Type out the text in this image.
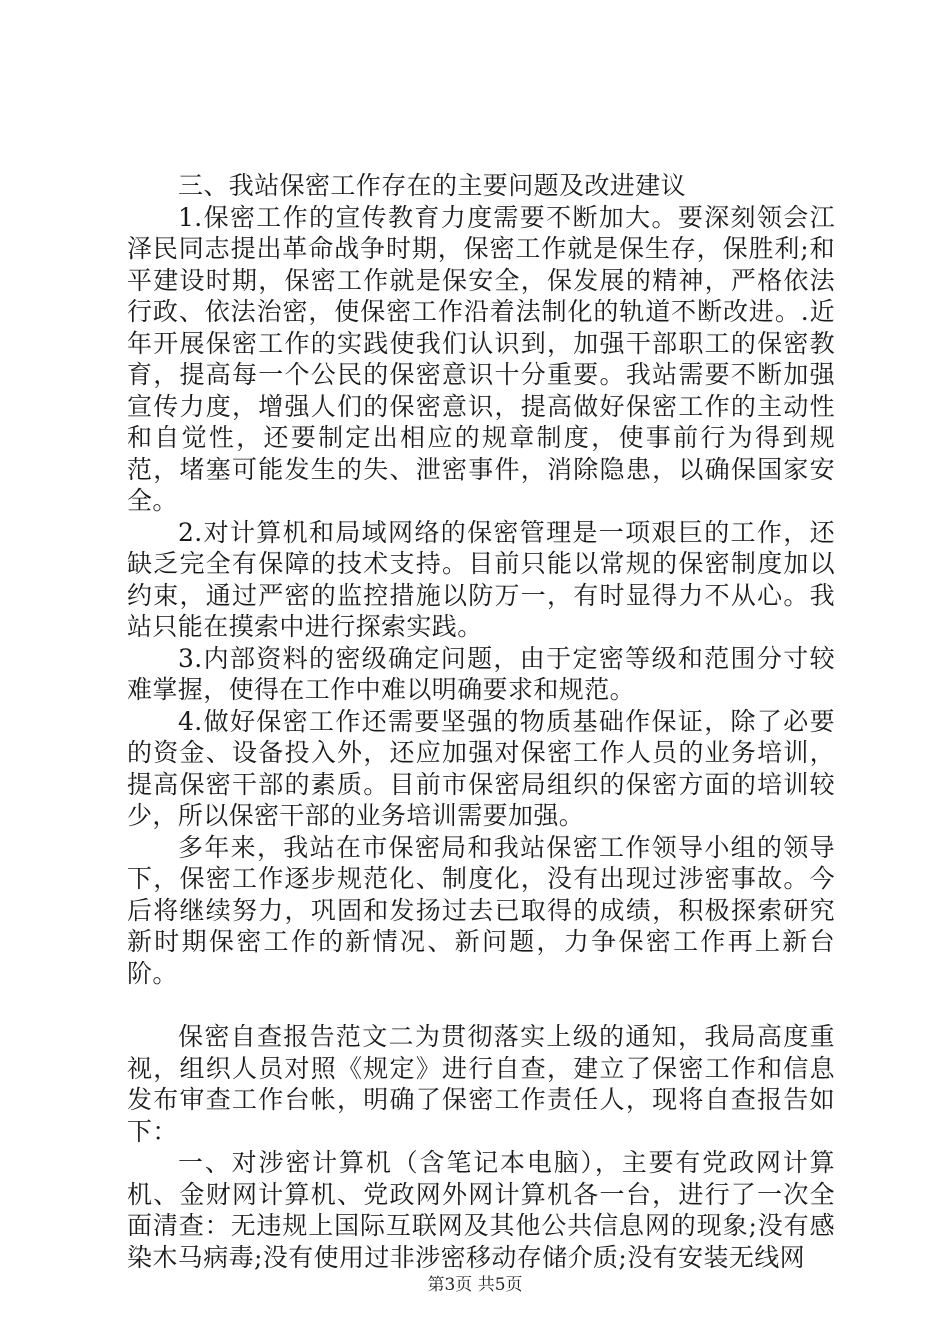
三、我站保密工作存在的主要问题及改进建议

1.保密工作的宣传教育力度需要不断加大。要深刻领会江泽民同志提出革命战争时期，保密工作就是保生存，保胜利;和平建设时期，保密工作就是保安全，保发展的精神，严格依法行政、依法治密，使保密工作沿着法制化的轨道不断改进。.近年开展保密工作的实践使我们认识到，加强干部职工的保密教育，提高每一个公民的保密意识十分重要。我站需要不断加强宣传力度，增强人们的保密意识，提高做好保密工作的主动性和自觉性，还要制定出相应的规章制度，使事前行为得到规范，堵塞可能发生的失、泄密事件，消除隐患，以确保国家安全。

2.对计算机和局域网络的保密管理是一项艰巨的工作，还缺乏完全有保障的技术支持。目前只能以常规的保密制度加以约束，通过严密的监控措施以防万一，有时显得力不从心。我站只能在摸索中进行探索实践。

3.内部资料的密级确定问题，由于定密等级和范围分寸较难掌握，使得在工作中难以明确要求和规范。

4.做好保密工作还需要坚强的物质基础作保证，除了必要的资金、设备投入外，还应加强对保密工作人员的业务培训，提高保密干部的素质。目前市保密局组织的保密方面的培训较少，所以保密干部的业务培训需要加强。

多年来，我站在市保密局和我站保密工作领导小组的领导下，保密工作逐步规范化、制度化，没有出现过涉密事故。今后将继续努力，巩固和发扬过去已取得的成绩，积极探索研究新时期保密工作的新情况、新问题，力争保密工作再上新台阶。

保密自查报告范文二为贯彻落实上级的通知，我局高度重视，组织人员对照《规定》进行自查，建立了保密工作和信息发布审查工作台帐，明确了保密工作责任人，现将自查报告如下：

一、对涉密计算机（含笔记本电脑），主要有党政网计算机、金财网计算机、党政网外网计算机各一台，进行了一次全面清查：无违规上国际互联网及其他公共信息网的现象;没有感染木马病毒;没有使用过非涉密移动存储介质;没有安装无线网

第3页 共5页
